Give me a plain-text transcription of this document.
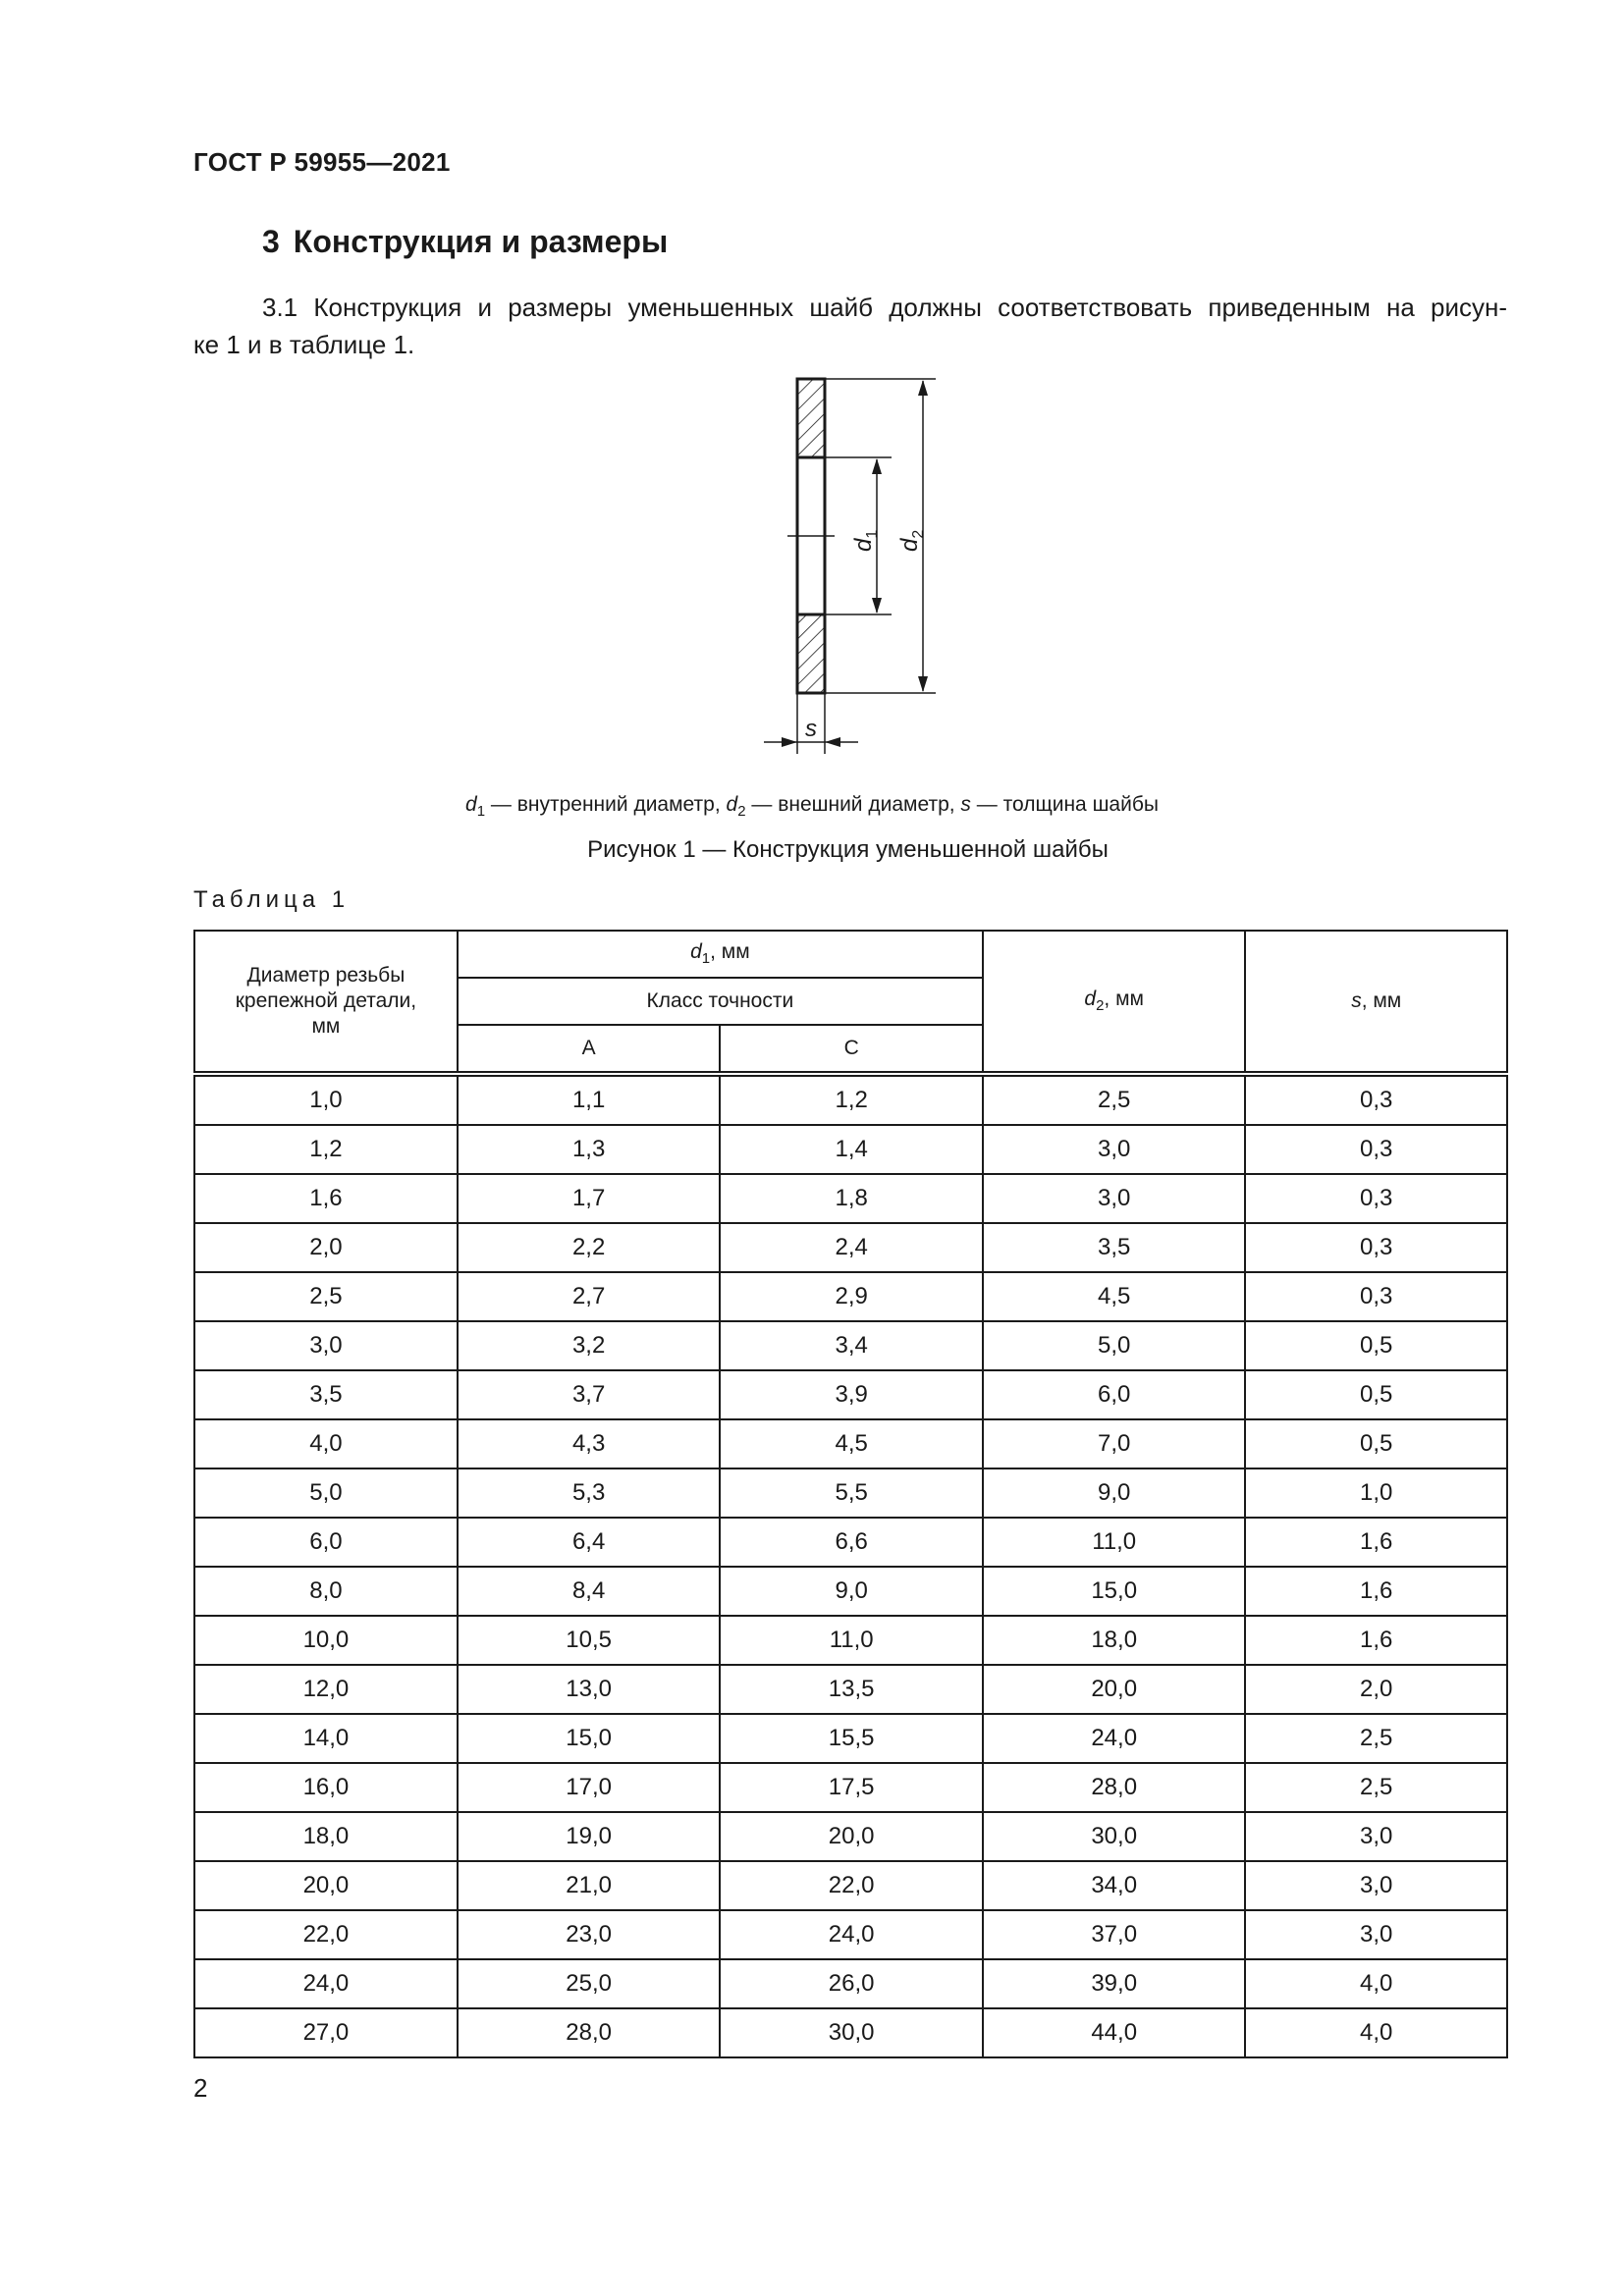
ГОСТ Р 59955—2021
3 Конструкция и размеры
3.1 Конструкция и размеры уменьшенных шайб должны соответствовать приведенным на рисун-
ке 1 и в таблице 1.
$d_1$
$d_2$
s
$d_1$ — внутренний диаметр, $d_2$ — внешний диаметр, s — толщина шайбы
Рисунок 1 — Конструкция уменьшенной шайбы
Таблица 1
Диаметр резьбы крепежной детали, мм	$d_1$, мм		$d_2$, мм	s, мм
	Класс точности			
	A	C		
1,0	1,1	1,2	2,5	0,3
1,2	1,3	1,4	3,0	0,3
1,6	1,7	1,8	3,0	0,3
2,0	2,2	2,4	3,5	0,3
2,5	2,7	2,9	4,5	0,3
3,0	3,2	3,4	5,0	0,5
3,5	3,7	3,9	6,0	0,5
4,0	4,3	4,5	7,0	0,5
5,0	5,3	5,5	9,0	1,0
6,0	6,4	6,6	11,0	1,6
8,0	8,4	9,0	15,0	1,6
10,0	10,5	11,0	18,0	1,6
12,0	13,0	13,5	20,0	2,0
14,0	15,0	15,5	24,0	2,5
16,0	17,0	17,5	28,0	2,5
18,0	19,0	20,0	30,0	3,0
20,0	21,0	22,0	34,0	3,0
22,0	23,0	24,0	37,0	3,0
24,0	25,0	26,0	39,0	4,0
27,0	28,0	30,0	44,0	4,0
2
